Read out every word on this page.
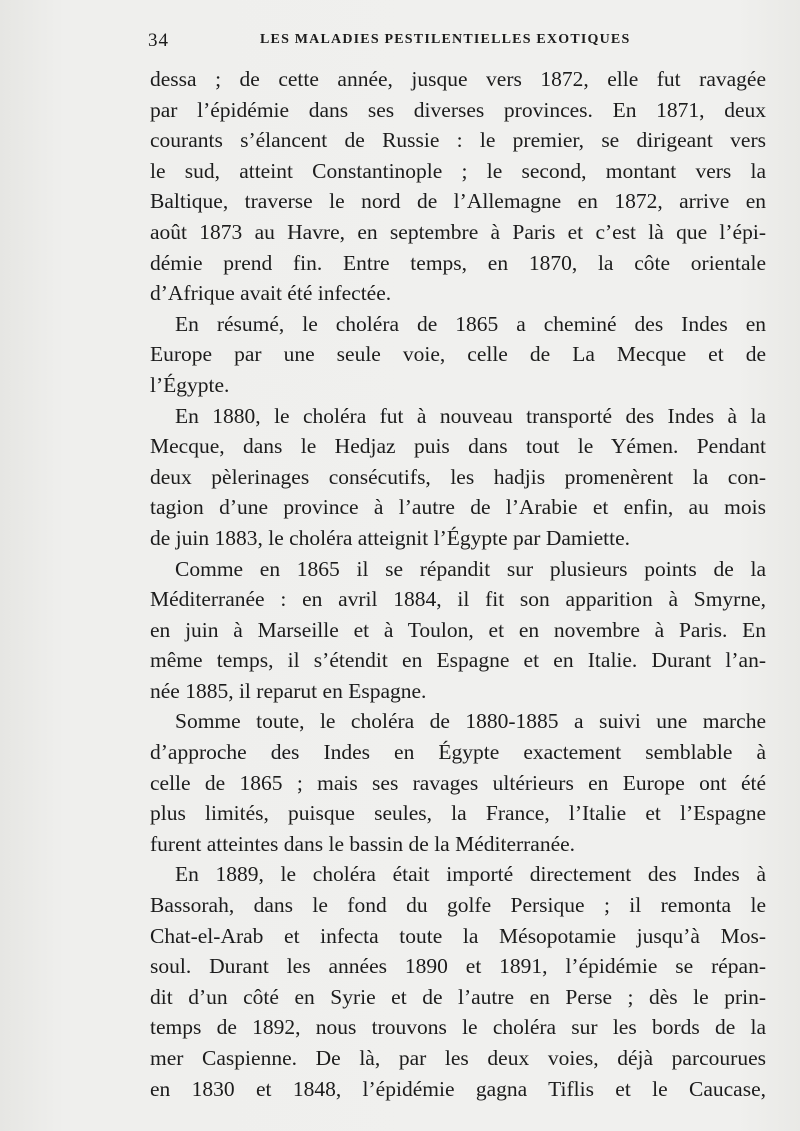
34	LES MALADIES PESTILENTIELLES EXOTIQUES
dessa ; de cette année, jusque vers 1872, elle fut ravagée
par l’épidémie dans ses diverses provinces. En 1871, deux
courants s’élancent de Russie : le premier, se dirigeant vers
le sud, atteint Constantinople ; le second, montant vers la
Baltique, traverse le nord de l’Allemagne en 1872, arrive en
août 1873 au Havre, en septembre à Paris et c’est là que l’épi-
démie prend fin. Entre temps, en 1870, la côte orientale
d’Afrique avait été infectée.
En résumé, le choléra de 1865 a cheminé des Indes en
Europe par une seule voie, celle de La Mecque et de
l’Égypte.
En 1880, le choléra fut à nouveau transporté des Indes à la
Mecque, dans le Hedjaz puis dans tout le Yémen. Pendant
deux pèlerinages consécutifs, les hadjis promenèrent la con-
tagion d’une province à l’autre de l’Arabie et enfin, au mois
de juin 1883, le choléra atteignit l’Égypte par Damiette.
Comme en 1865 il se répandit sur plusieurs points de la
Méditerranée : en avril 1884, il fit son apparition à Smyrne,
en juin à Marseille et à Toulon, et en novembre à Paris. En
même temps, il s’étendit en Espagne et en Italie. Durant l’an-
née 1885, il reparut en Espagne.
Somme toute, le choléra de 1880-1885 a suivi une marche
d’approche des Indes en Égypte exactement semblable à
celle de 1865 ; mais ses ravages ultérieurs en Europe ont été
plus limités, puisque seules, la France, l’Italie et l’Espagne
furent atteintes dans le bassin de la Méditerranée.
En 1889, le choléra était importé directement des Indes à
Bassorah, dans le fond du golfe Persique ; il remonta le
Chat-el-Arab et infecta toute la Mésopotamie jusqu’à Mos-
soul. Durant les années 1890 et 1891, l’épidémie se répan-
dit d’un côté en Syrie et de l’autre en Perse ; dès le prin-
temps de 1892, nous trouvons le choléra sur les bords de la
mer Caspienne. De là, par les deux voies, déjà parcourues
en 1830 et 1848, l’épidémie gagna Tiflis et le Caucase,
